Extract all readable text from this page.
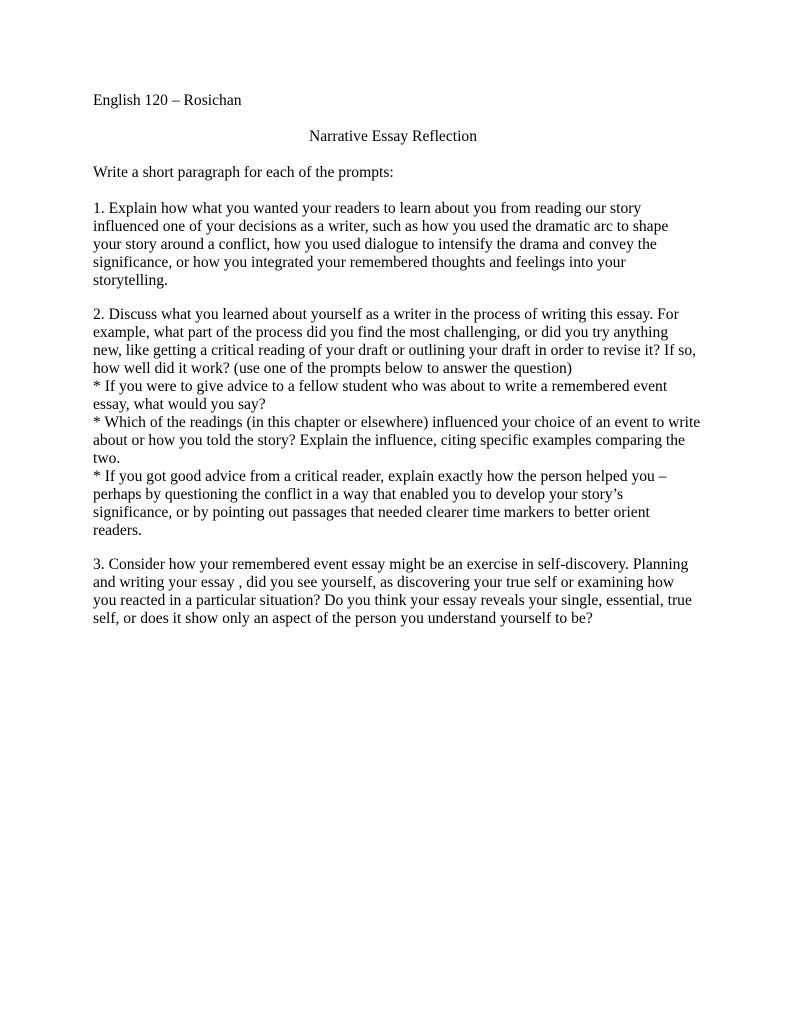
English 120 – Rosichan
Narrative Essay Reflection
Write a short paragraph for each of the prompts:
1. Explain how what you wanted your readers to learn about you from reading our story
influenced one of your decisions as a writer, such as how you used the dramatic arc to shape
your story around a conflict, how you used dialogue to intensify the drama and convey the
significance, or how you integrated your remembered thoughts and feelings into your
storytelling.
2. Discuss what you learned about yourself as a writer in the process of writing this essay. For
example, what part of the process did you find the most challenging, or did you try anything
new, like getting a critical reading of your draft or outlining your draft in order to revise it? If so,
how well did it work? (use one of the prompts below to answer the question)
* If you were to give advice to a fellow student who was about to write a remembered event
essay, what would you say?
* Which of the readings (in this chapter or elsewhere) influenced your choice of an event to write
about or how you told the story? Explain the influence, citing specific examples comparing the
two.
* If you got good advice from a critical reader, explain exactly how the person helped you –
perhaps by questioning the conflict in a way that enabled you to develop your story’s
significance, or by pointing out passages that needed clearer time markers to better orient
readers.
3. Consider how your remembered event essay might be an exercise in self-discovery. Planning
and writing your essay , did you see yourself, as discovering your true self or examining how
you reacted in a particular situation? Do you think your essay reveals your single, essential, true
self, or does it show only an aspect of the person you understand yourself to be?
